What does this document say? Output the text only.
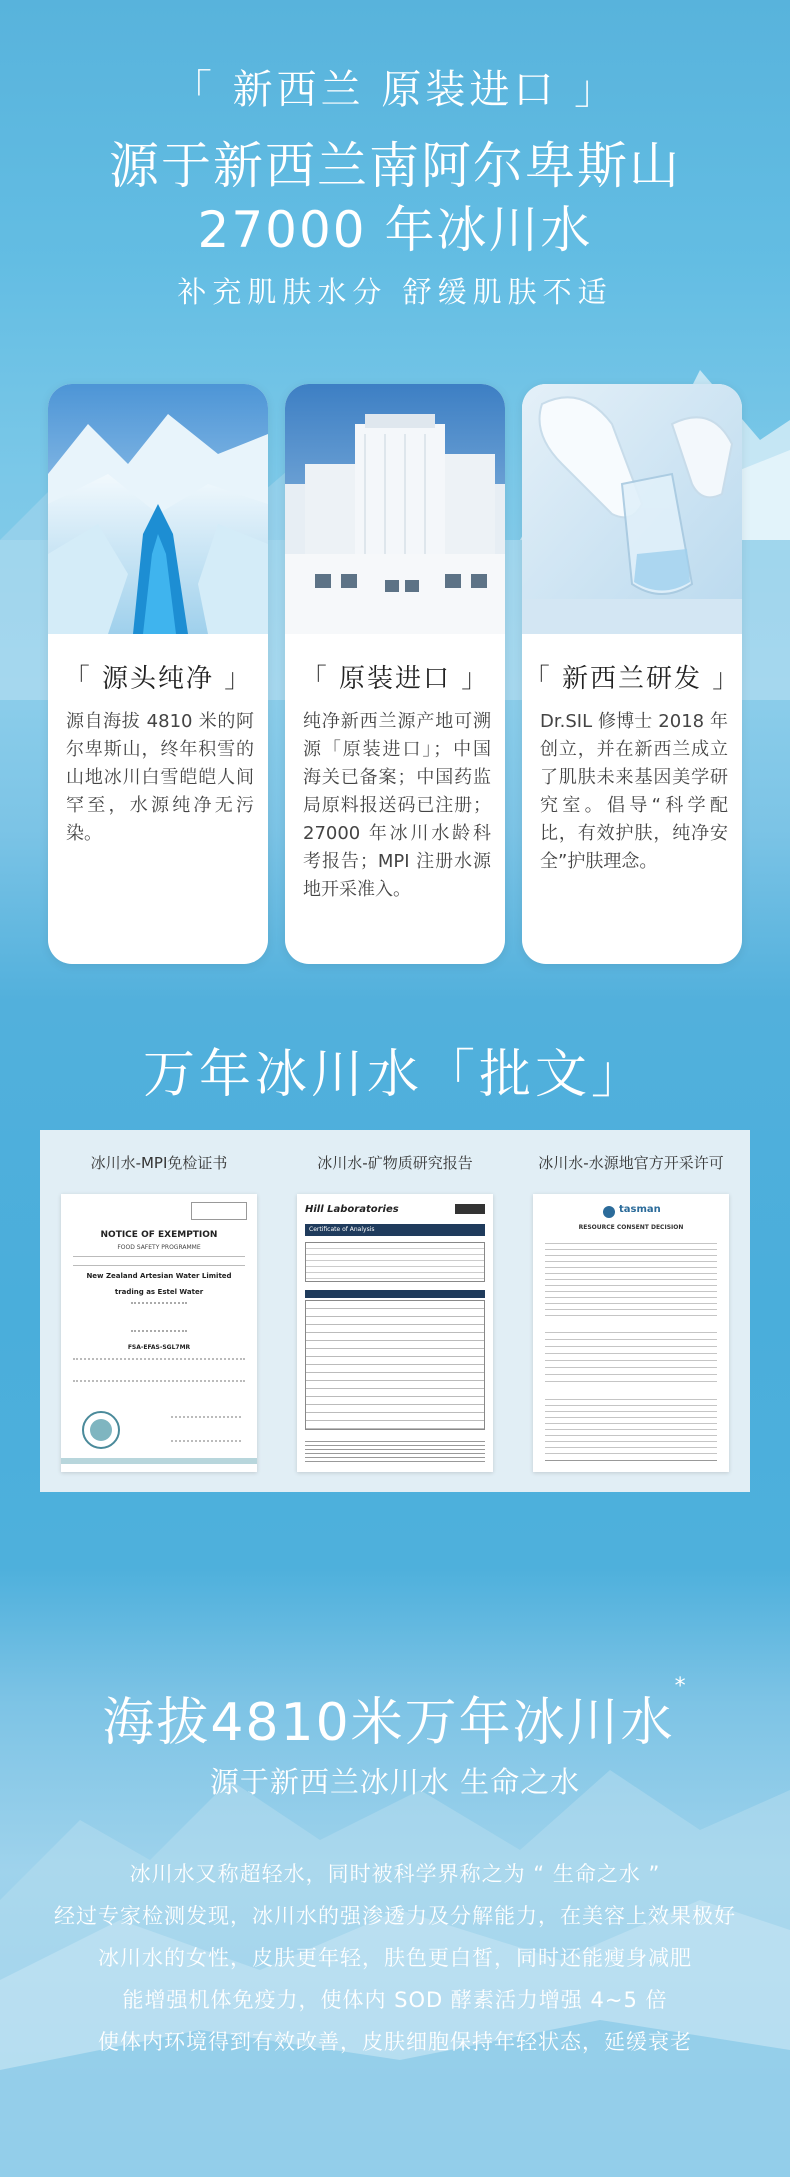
「 新西兰 原装进口 」
源于新西兰南阿尔卑斯山
27000 年冰川水
补充肌肤水分 舒缓肌肤不适
「 源头纯净 」
源自海拔 4810 米的阿尔卑斯山，终年积雪的山地冰川白雪皑皑人间罕至，水源纯净无污染。
「 原装进口 」
纯净新西兰源产地可溯源「原装进口」；中国海关已备案；中国药监局原料报送码已注册；27000 年冰川水龄科考报告；MPI 注册水源地开采准入。
「 新西兰研发 」
Dr.SIL 修博士 2018 年创立，并在新西兰成立了肌肤未来基因美学研究室。倡导“科学配比，有效护肤，纯净安全”护肤理念。
万年冰川水「批文」
冰川水-MPI免检证书	冰川水-矿物质研究报告	冰川水-水源地官方开采许可
NOTICE OF EXEMPTION
FOOD SAFETY PROGRAMME
New Zealand Artesian Water Limited
trading as Estel Water
FSA-EFAS-SGL7MR
Hill Laboratories
Certificate of Analysis
tasman
RESOURCE CONSENT DECISION
海拔4810米万年冰川水*
源于新西兰冰川水 生命之水
冰川水又称超轻水，同时被科学界称之为 “ 生命之水 ”
经过专家检测发现，冰川水的强渗透力及分解能力，在美容上效果极好
冰川水的女性，皮肤更年轻，肤色更白皙，同时还能瘦身减肥
能增强机体免疫力，使体内 SOD 酵素活力增强 4~5 倍
使体内环境得到有效改善，皮肤细胞保持年轻状态，延缓衰老
